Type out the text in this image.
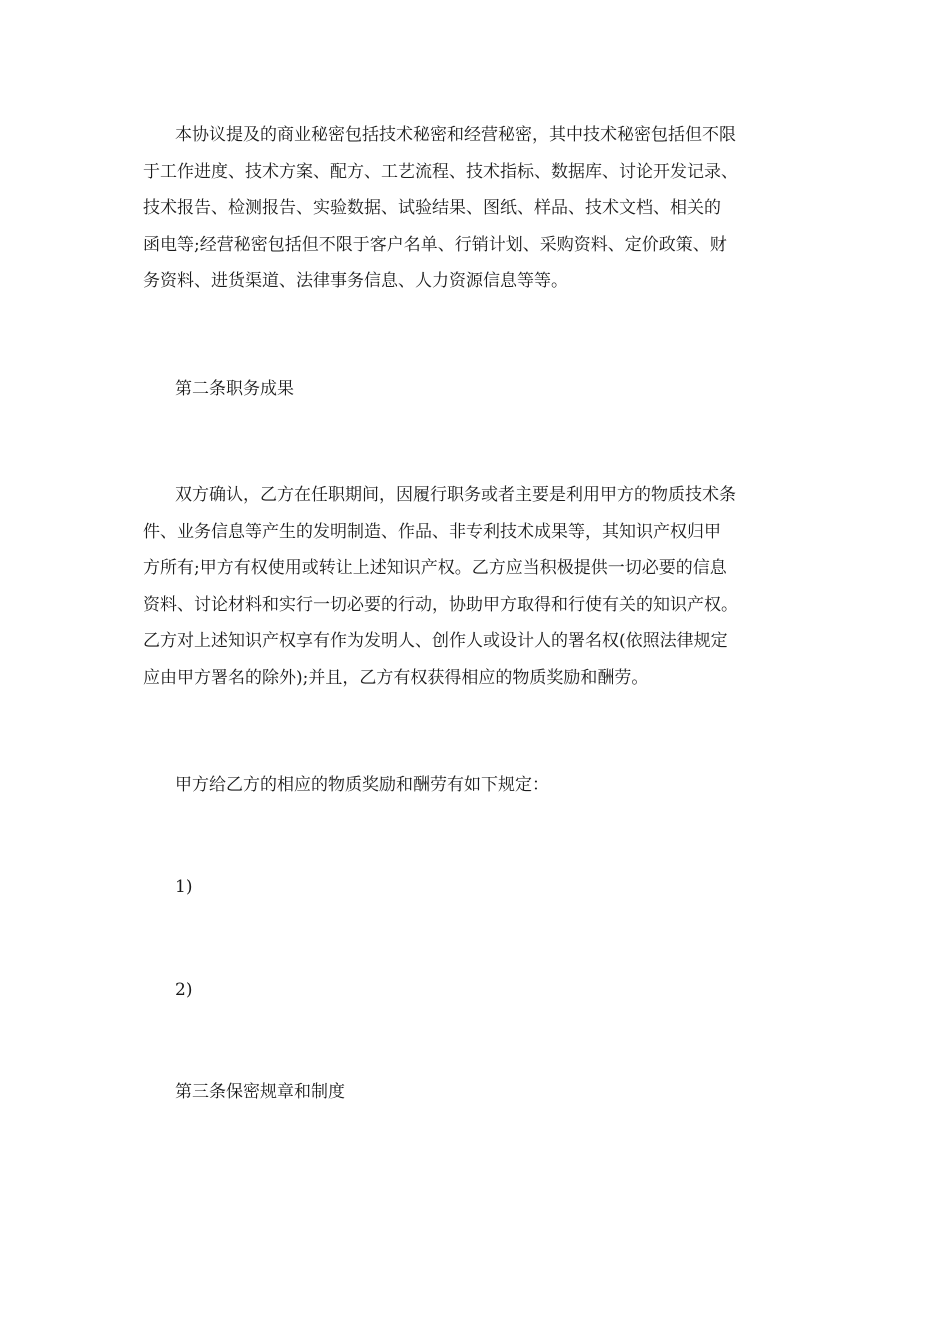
本协议提及的商业秘密包括技术秘密和经营秘密，其中技术秘密包括但不限
于工作进度、技术方案、配方、工艺流程、技术指标、数据库、讨论开发记录、
技术报告、检测报告、实验数据、试验结果、图纸、样品、技术文档、相关的
函电等;经营秘密包括但不限于客户名单、行销计划、采购资料、定价政策、财
务资料、进货渠道、法律事务信息、人力资源信息等等。

第二条职务成果

双方确认，乙方在任职期间，因履行职务或者主要是利用甲方的物质技术条
件、业务信息等产生的发明制造、作品、非专利技术成果等，其知识产权归甲
方所有;甲方有权使用或转让上述知识产权。乙方应当积极提供一切必要的信息
资料、讨论材料和实行一切必要的行动，协助甲方取得和行使有关的知识产权。
乙方对上述知识产权享有作为发明人、创作人或设计人的署名权(依照法律规定
应由甲方署名的除外);并且，乙方有权获得相应的物质奖励和酬劳。

甲方给乙方的相应的物质奖励和酬劳有如下规定：

1)

2)

第三条保密规章和制度
